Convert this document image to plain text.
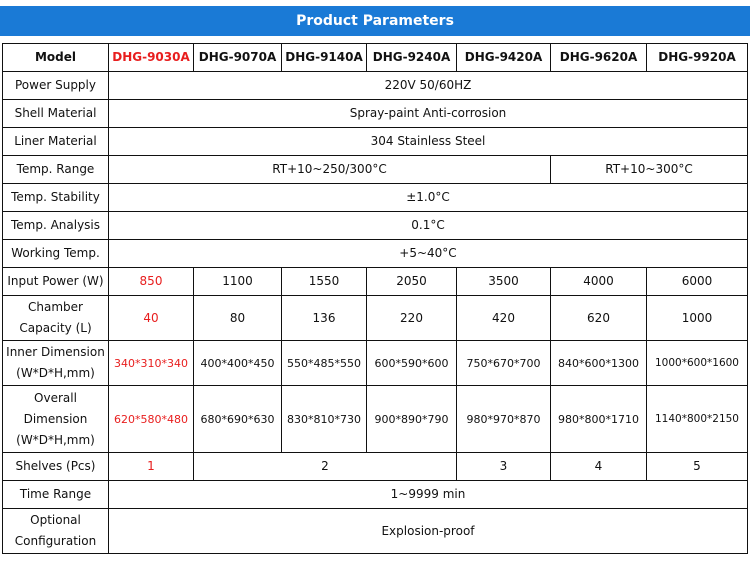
Product Parameters
Model	DHG-9030A	DHG-9070A	DHG-9140A	DHG-9240A	DHG-9420A	DHG-9620A	DHG-9920A
Power Supply	220V 50/60HZ						
Shell Material	Spray-paint Anti-corrosion						
Liner Material	304 Stainless Steel						
Temp. Range	RT+10~250/300°C					RT+10~300°C	
Temp. Stability	±1.0°C						
Temp. Analysis	0.1°C						
Working Temp.	+5~40°C						
Input Power (W)	850	1100	1550	2050	3500	4000	6000

Chamber
Capacity (L)	40	80	136	220	420	620	1000

Inner Dimension
(W*D*H,mm)	340*310*340	400*400*450	550*485*550	600*590*600	750*670*700	840*600*1300	1000*600*1600

Overall
Dimension
(W*D*H,mm)	620*580*480	680*690*630	830*810*730	900*890*790	980*970*870	980*800*1710	1140*800*2150
Shelves (Pcs)	1	2			3	4	5
Time Range	1~9999 min						

Optional
Configuration	Explosion-proof						
